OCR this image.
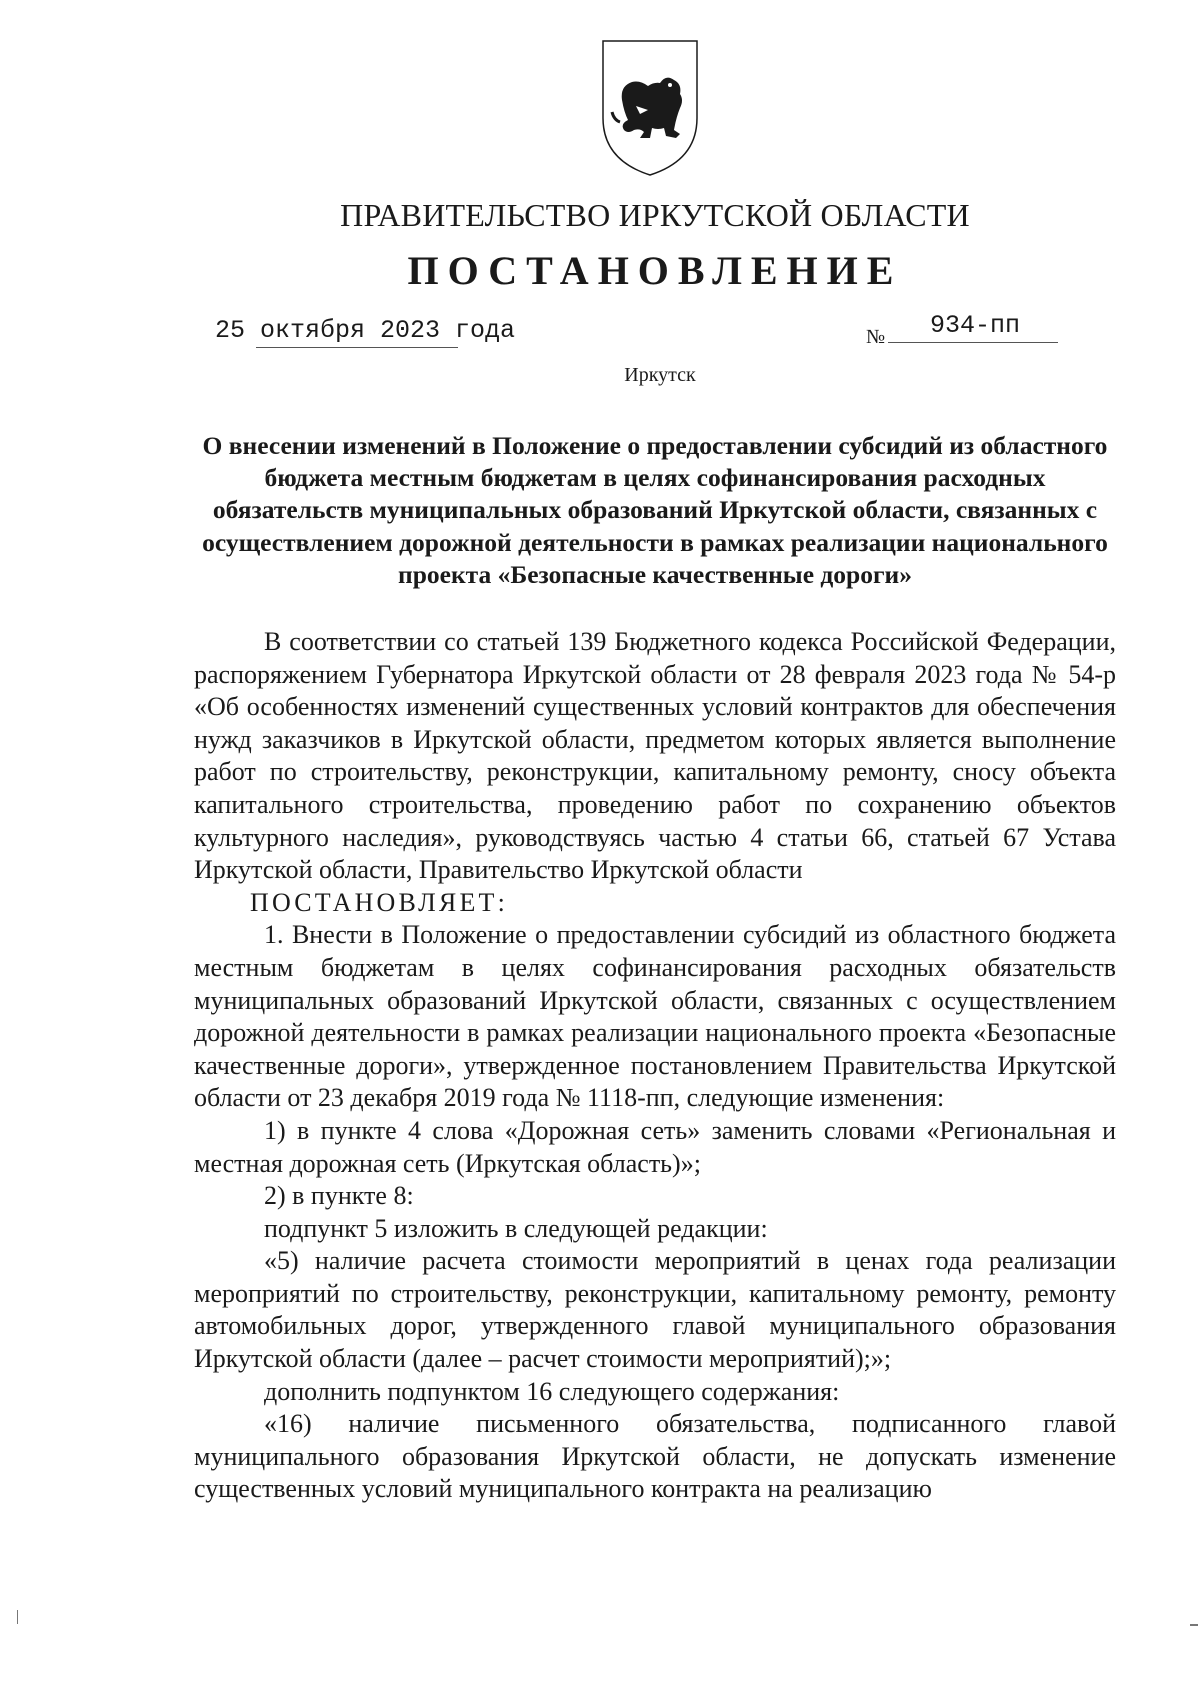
ПРАВИТЕЛЬСТВО ИРКУТСКОЙ ОБЛАСТИ
ПОСТАНОВЛЕНИЕ
25 октября 2023 года	№ 934-пп
Иркутск
О внесении изменений в Положение о предоставлении субсидий из областного бюджета местным бюджетам в целях софинансирования расходных обязательств муниципальных образований Иркутской области, связанных с осуществлением дорожной деятельности в рамках реализации национального проекта «Безопасные качественные дороги»

В соответствии со статьей 139 Бюджетного кодекса Российской Федерации, распоряжением Губернатора Иркутской области от 28 февраля 2023 года № 54-р «Об особенностях изменений существенных условий контрактов для обеспечения нужд заказчиков в Иркутской области, предметом которых является выполнение работ по строительству, реконструкции, капитальному ремонту, сносу объекта капитального строительства, проведению работ по сохранению объектов культурного наследия», руководствуясь частью 4 статьи 66, статьей 67 Устава Иркутской области, Правительство Иркутской области

ПОСТАНОВЛЯЕТ:

1. Внести в Положение о предоставлении субсидий из областного бюджета местным бюджетам в целях софинансирования расходных обязательств муниципальных образований Иркутской области, связанных с осуществлением дорожной деятельности в рамках реализации национального проекта «Безопасные качественные дороги», утвержденное постановлением Правительства Иркутской области от 23 декабря 2019 года № 1118-пп, следующие изменения:

1) в пункте 4 слова «Дорожная сеть» заменить словами «Региональная и местная дорожная сеть (Иркутская область)»;

2) в пункте 8:

подпункт 5 изложить в следующей редакции:

«5) наличие расчета стоимости мероприятий в ценах года реализации мероприятий по строительству, реконструкции, капитальному ремонту, ремонту автомобильных дорог, утвержденного главой муниципального образования Иркутской области (далее – расчет стоимости мероприятий);»;

дополнить подпунктом 16 следующего содержания:

«16) наличие письменного обязательства, подписанного главой муниципального образования Иркутской области, не допускать изменение существенных условий муниципального контракта на реализацию
